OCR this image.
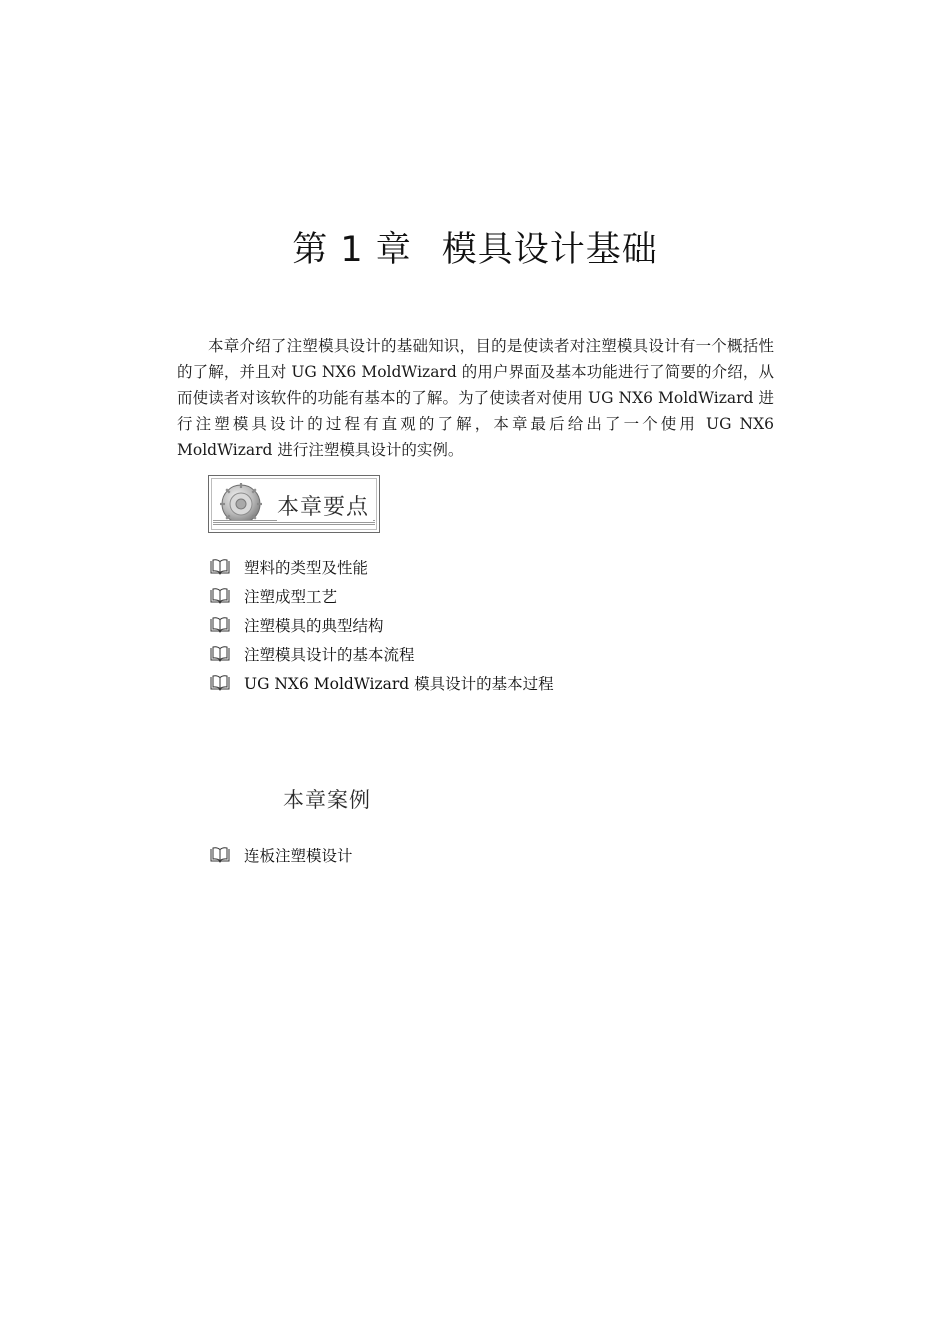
第 1 章 模具设计基础

本章介绍了注塑模具设计的基础知识，目的是使读者对注塑模具设计有一个概括性的了解，并且对 UG NX6 MoldWizard 的用户界面及基本功能进行了简要的介绍，从而使读者对该软件的功能有基本的了解。为了使读者对使用 UG NX6 MoldWizard 进行注塑模具设计的过程有直观的了解，本章最后给出了一个使用 UG NX6 MoldWizard 进行注塑模具设计的实例。

本章要点
塑料的类型及性能
注塑成型工艺
注塑模具的典型结构
注塑模具设计的基本流程
UG NX6 MoldWizard 模具设计的基本过程
本章案例
连板注塑模设计
